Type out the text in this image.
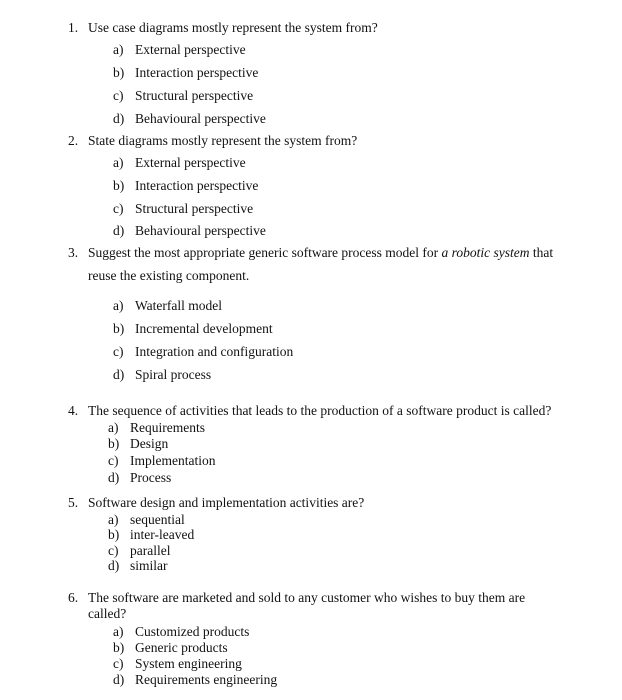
1. Use case diagrams mostly represent the system from?
a) External perspective
b) Interaction perspective
c) Structural perspective
d) Behavioural perspective
2. State diagrams mostly represent the system from?
a) External perspective
b) Interaction perspective
c) Structural perspective
d) Behavioural perspective
3. Suggest the most appropriate generic software process model for a robotic system that
reuse the existing component.
a) Waterfall model
b) Incremental development
c) Integration and configuration
d) Spiral process
4. The sequence of activities that leads to the production of a software product is called?
a) Requirements
b) Design
c) Implementation
d) Process
5. Software design and implementation activities are?
a) sequential
b) inter-leaved
c) parallel
d) similar
6. The software are marketed and sold to any customer who wishes to buy them are
called?
a) Customized products
b) Generic products
c) System engineering
d) Requirements engineering
